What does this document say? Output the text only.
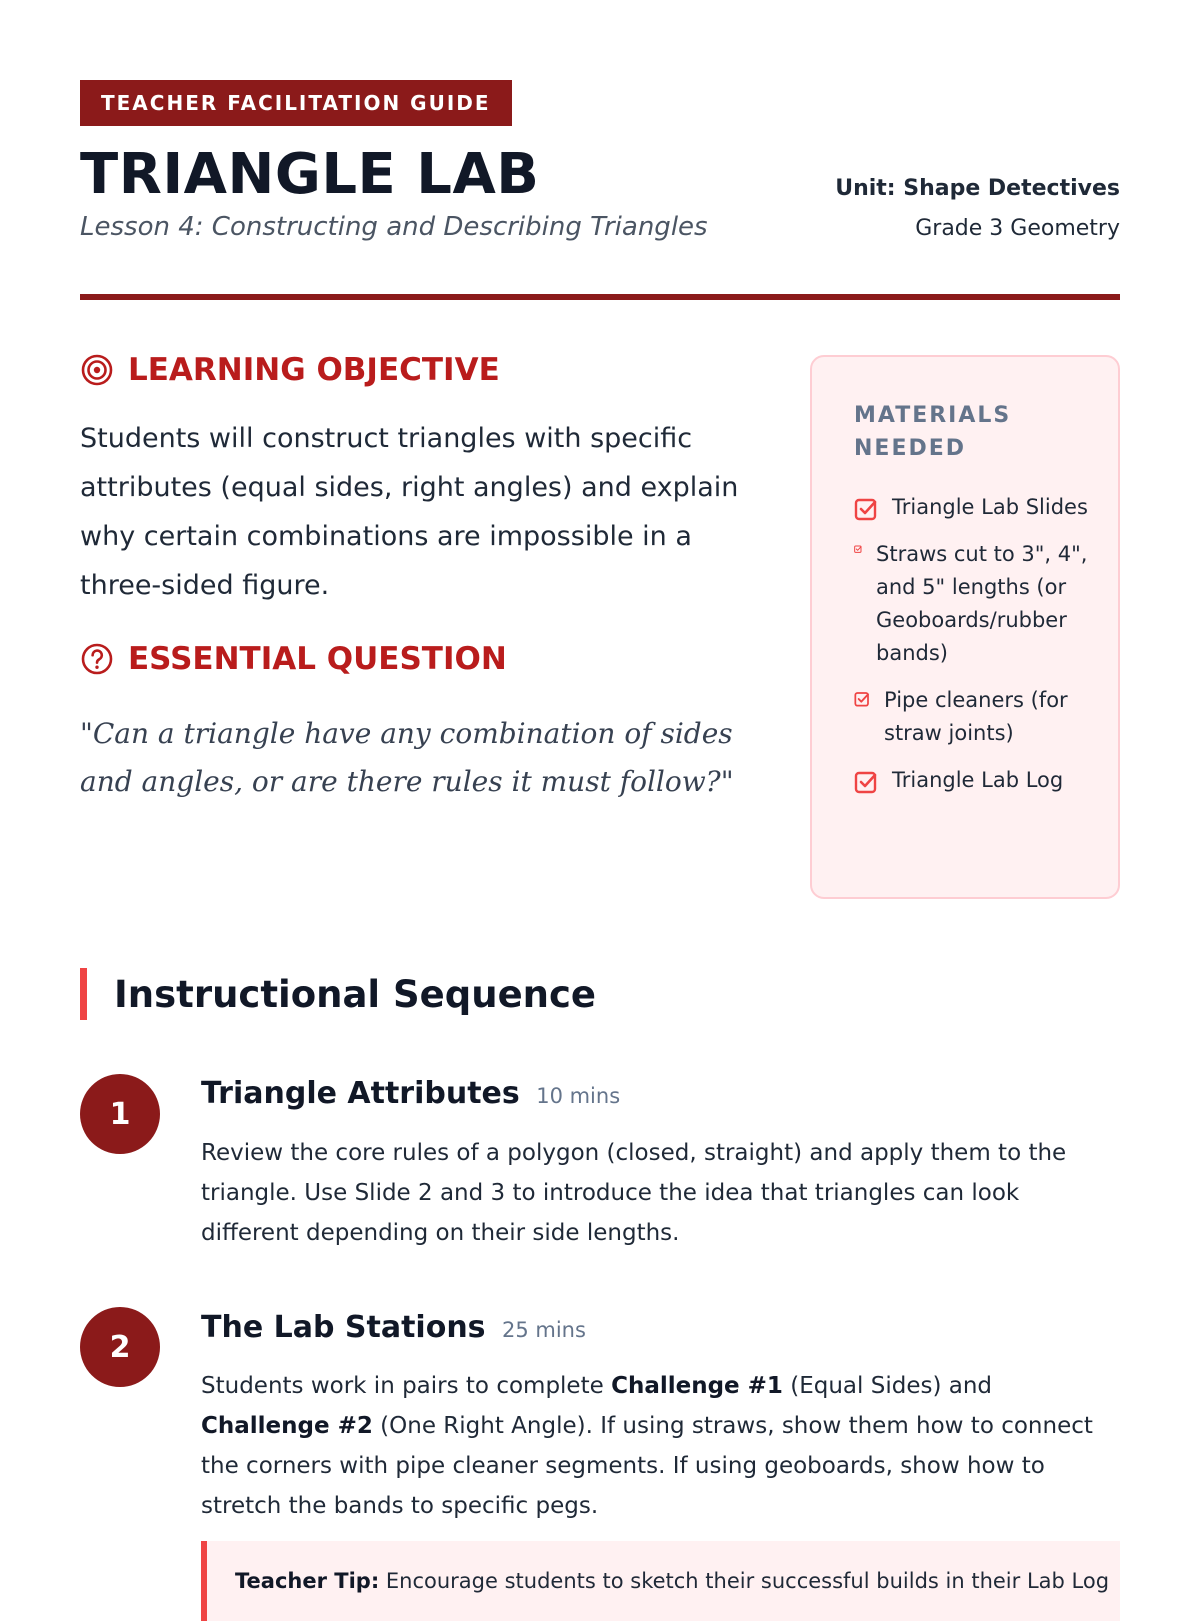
TEACHER FACILITATION GUIDE
TRIANGLE LAB
Lesson 4: Constructing and Describing Triangles
Unit: Shape Detectives
Grade 3 Geometry
LEARNING OBJECTIVE
Students will construct triangles with specific attributes (equal sides, right angles) and explain why certain combinations are impossible in a three-sided figure.
ESSENTIAL QUESTION
"Can a triangle have any combination of sides and angles, or are there rules it must follow?"
MATERIALS NEEDED
Triangle Lab Slides
Straws cut to 3", 4", and 5" lengths (or Geoboards/rubber bands)
Pipe cleaners (for straw joints)
Triangle Lab Log
Instructional Sequence
1
Triangle Attributes 10 mins
Review the core rules of a polygon (closed, straight) and apply them to the triangle. Use Slide 2 and 3 to introduce the idea that triangles can look different depending on their side lengths.
2
The Lab Stations 25 mins
Students work in pairs to complete Challenge #1 (Equal Sides) and Challenge #2 (One Right Angle). If using straws, show them how to connect the corners with pipe cleaner segments. If using geoboards, show how to stretch the bands to specific pegs.
Teacher Tip: Encourage students to sketch their successful builds in their Lab Log
